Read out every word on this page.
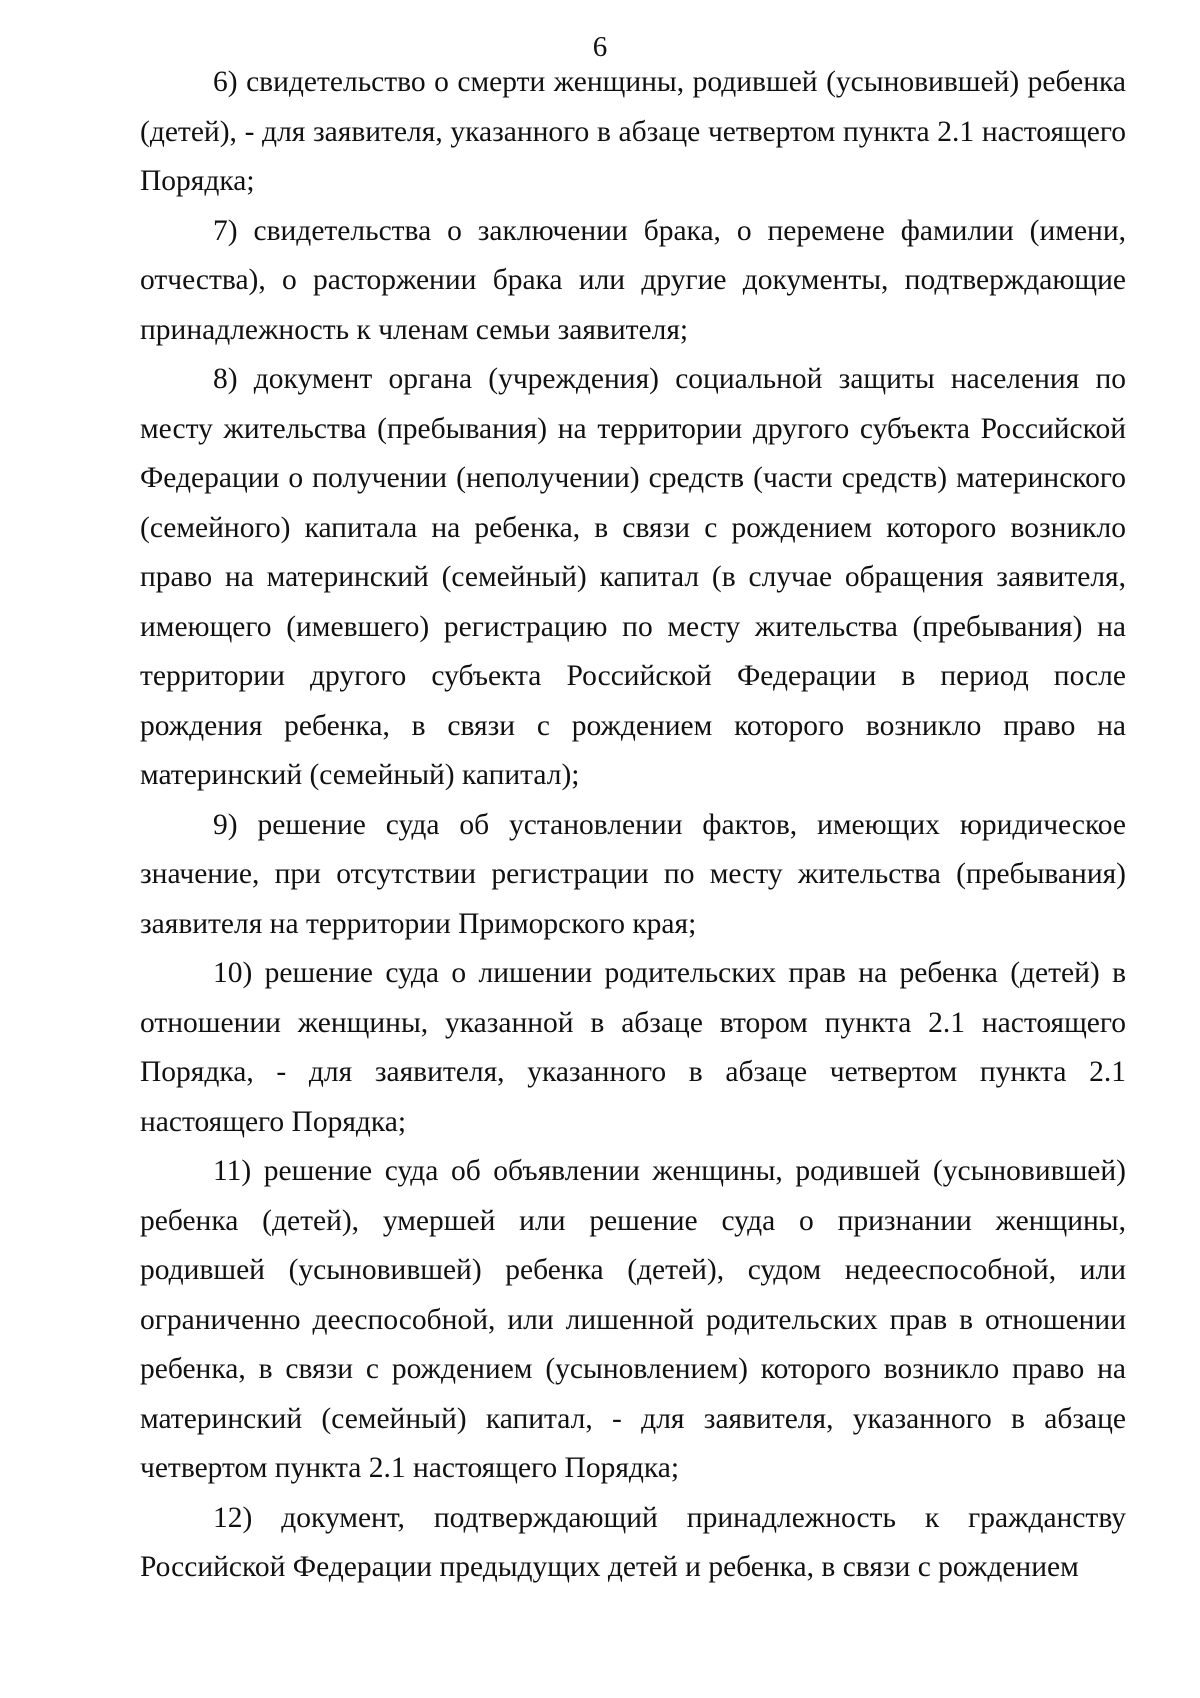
6

6) свидетельство о смерти женщины, родившей (усыновившей) ребенка (детей), - для заявителя, указанного в абзаце четвертом пункта 2.1 настоящего Порядка;

7) свидетельства о заключении брака, о перемене фамилии (имени, отчества), о расторжении брака или другие документы, подтверждающие принадлежность к членам семьи заявителя;

8) документ органа (учреждения) социальной защиты населения по месту жительства (пребывания) на территории другого субъекта Российской Федерации о получении (неполучении) средств (части средств) материнского (семейного) капитала на ребенка, в связи с рождением которого возникло право на материнский (семейный) капитал (в случае обращения заявителя, имеющего (имевшего) регистрацию по месту жительства (пребывания) на территории другого субъекта Российской Федерации в период после рождения ребенка, в связи с рождением которого возникло право на материнский (семейный) капитал);

9) решение суда об установлении фактов, имеющих юридическое значение, при отсутствии регистрации по месту жительства (пребывания) заявителя на территории Приморского края;

10) решение суда о лишении родительских прав на ребенка (детей) в отношении женщины, указанной в абзаце втором пункта 2.1 настоящего Порядка, - для заявителя, указанного в абзаце четвертом пункта 2.1 настоящего Порядка;

11) решение суда об объявлении женщины, родившей (усыновившей) ребенка (детей), умершей или решение суда о признании женщины, родившей (усыновившей) ребенка (детей), судом недееспособной, или ограниченно дееспособной, или лишенной родительских прав в отношении ребенка, в связи с рождением (усыновлением) которого возникло право на материнский (семейный) капитал, - для заявителя, указанного в абзаце четвертом пункта 2.1 настоящего Порядка;

12) документ, подтверждающий принадлежность к гражданству Российской Федерации предыдущих детей и ребенка, в связи с рождением
